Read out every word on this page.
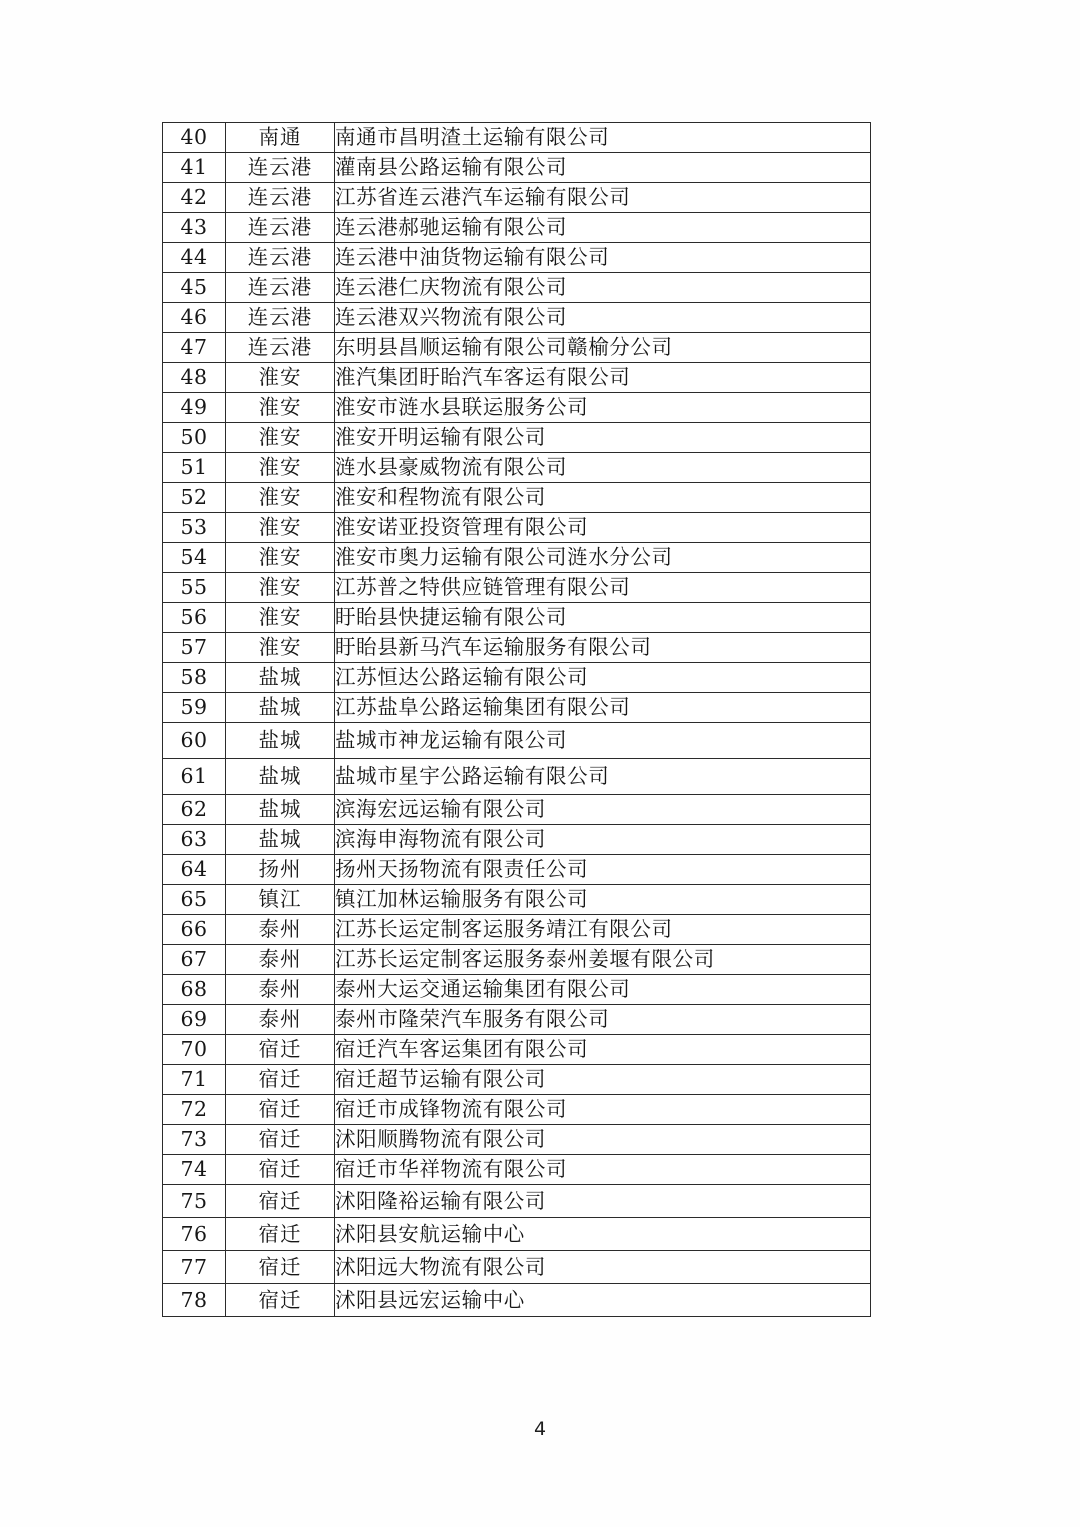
40	南通	南通市昌明渣土运输有限公司
41	连云港	灌南县公路运输有限公司
42	连云港	江苏省连云港汽车运输有限公司
43	连云港	连云港郝驰运输有限公司
44	连云港	连云港中油货物运输有限公司
45	连云港	连云港仁庆物流有限公司
46	连云港	连云港双兴物流有限公司
47	连云港	东明县昌顺运输有限公司赣榆分公司
48	淮安	淮汽集团盱眙汽车客运有限公司
49	淮安	淮安市涟水县联运服务公司
50	淮安	淮安开明运输有限公司
51	淮安	涟水县豪威物流有限公司
52	淮安	淮安和程物流有限公司
53	淮安	淮安诺亚投资管理有限公司
54	淮安	淮安市奥力运输有限公司涟水分公司
55	淮安	江苏普之特供应链管理有限公司
56	淮安	盱眙县快捷运输有限公司
57	淮安	盱眙县新马汽车运输服务有限公司
58	盐城	江苏恒达公路运输有限公司
59	盐城	江苏盐阜公路运输集团有限公司
60	盐城	盐城市神龙运输有限公司
61	盐城	盐城市星宇公路运输有限公司
62	盐城	滨海宏远运输有限公司
63	盐城	滨海申海物流有限公司
64	扬州	扬州天扬物流有限责任公司
65	镇江	镇江加林运输服务有限公司
66	泰州	江苏长运定制客运服务靖江有限公司
67	泰州	江苏长运定制客运服务泰州姜堰有限公司
68	泰州	泰州大运交通运输集团有限公司
69	泰州	泰州市隆荣汽车服务有限公司
70	宿迁	宿迁汽车客运集团有限公司
71	宿迁	宿迁超节运输有限公司
72	宿迁	宿迁市成锋物流有限公司
73	宿迁	沭阳顺腾物流有限公司
74	宿迁	宿迁市华祥物流有限公司
75	宿迁	沭阳隆裕运输有限公司
76	宿迁	沭阳县安航运输中心
77	宿迁	沭阳远大物流有限公司
78	宿迁	沭阳县远宏运输中心
4
